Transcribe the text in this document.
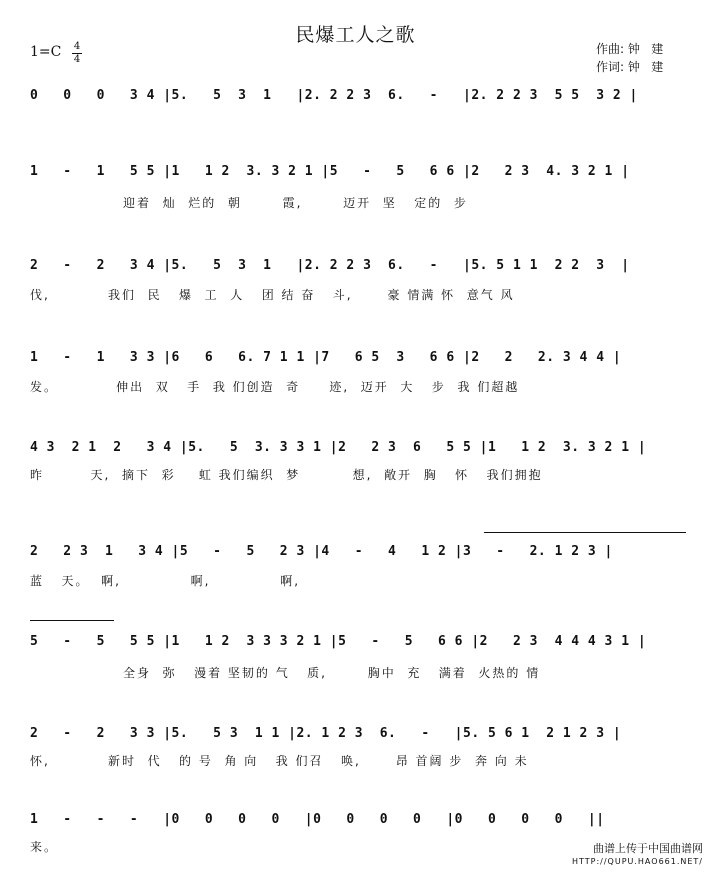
民爆工人之歌
1=C 4
4
作曲: 钟   建
作词: 钟   建
0   0   0   3 4 |5.   5  3  1   |2. 2 2 3  6.   -   |2. 2 2 3  5 5  3 2 |
1   -   1   5 5 |1   1 2  3. 3 2 1 |5   -   5   6 6 |2   2 3  4. 3 2 1 |
迎着  灿  烂的  朝       霞,       迈开  坚   定的  步
2   -   2   3 4 |5.   5  3  1   |2. 2 2 3  6.   -   |5. 5 1 1  2 2  3  |
伐,          我们  民   爆  工  人   团 结 奋   斗,      豪 情满 怀  意气 风
1   -   1   3 3 |6   6   6. 7 1 1 |7   6 5  3   6 6 |2   2   2. 3 4 4 |
发。          伸出  双   手  我 们创造  奇     迹,  迈开  大   步  我 们超越
4 3  2 1  2   3 4 |5.   5  3. 3 3 1 |2   2 3  6   5 5 |1   1 2  3. 3 2 1 |
昨        天,  摘下  彩    虹 我们编织  梦         想,  敞开  胸   怀   我们拥抱
2   2 3  1   3 4 |5   -   5   2 3 |4   -   4   1 2 |3   -   2. 1 2 3 |
蓝   天。  啊,            啊,            啊,
5   -   5   5 5 |1   1 2  3 3 3 2 1 |5   -   5   6 6 |2   2 3  4 4 4 3 1 |
全身  弥   漫着 坚韧的 气   质,       胸中  充   满着  火热的 情
2   -   2   3 3 |5.   5 3  1 1 |2. 1 2 3  6.   -   |5. 5 6 1  2 1 2 3 |
怀,          新时  代   的 号  角 向   我 们召   唤,      昂 首阔 步  奔 向 未
1   -   -   -   |0   0   0   0   |0   0   0   0   |0   0   0   0   ||
来。	曲谱上传于中国曲谱网
HTTP://QUPU.HAO661.NET/
